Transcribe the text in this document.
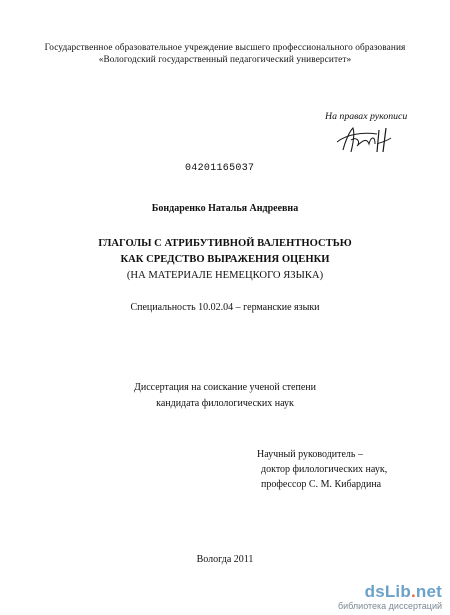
Государственное образовательное учреждение высшего профессионального образования
«Вологодский государственный педагогический университет»
На правах рукописи
04201165037
Бондаренко Наталья Андреевна
ГЛАГОЛЫ С АТРИБУТИВНОЙ ВАЛЕНТНОСТЬЮ
КАК СРЕДСТВО ВЫРАЖЕНИЯ ОЦЕНКИ
(НА МАТЕРИАЛЕ НЕМЕЦКОГО ЯЗЫКА)
Специальность 10.02.04 – германские языки
Диссертация на соискание ученой степени
кандидата филологических наук
Научный руководитель –
доктор филологических наук,
профессор С. М. Кибардина
Вологда 2011
dsLib.net
библиотека диссертаций
